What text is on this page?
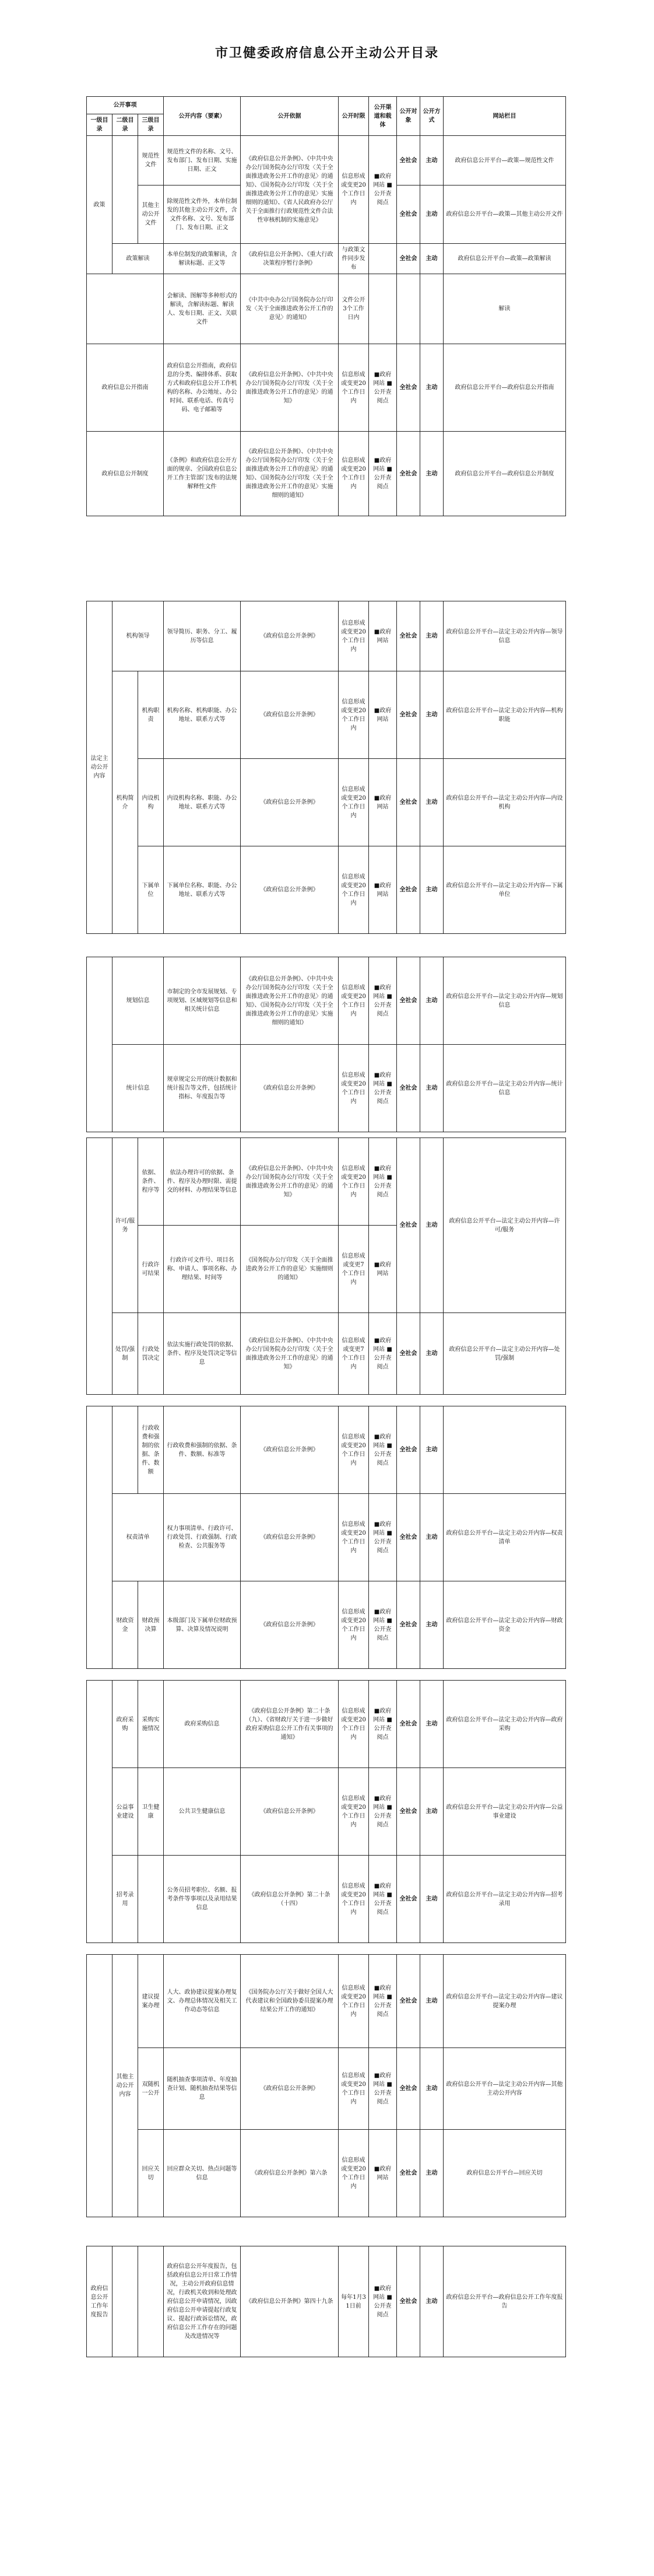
市卫健委政府信息公开主动公开目录
公开事项			公开内容（要素）	公开依据	公开时限	公开渠道和载体	公开对象	公开方式	网站栏目
一级目录	二级目录	三级目录							
政策		规范性文件	规范性文件的名称、文号、发布部门、发布日期、实施日期、正文	《政府信息公开条例》、《中共中央办公厅国务院办公厅印发〈关于全面推进政务公开工作的意见〉的通知》、《国务院办公厅印发〈关于全面推进政务公开工作的意见〉实施细则的通知》、《省人民政府办公厅关于全面推行行政规范性文件合法性审核机制的实施意见》	信息形成或变更20个工作日内	■政府网站 ■公开查阅点	全社会	主动	政府信息公开平台—政策—规范性文件
		其他主动公开文件	除规范性文件外，本单位制发的其他主动公开文件，含文件名称、文号、发布部门、发布日期、正文				全社会	主动	政府信息公开平台—政策—其他主动公开文件
	政策解读		本单位制发的政策解读，含解读标题、正文等	《政府信息公开条例》、《重大行政决策程序暂行条例》	与政策文件同步发布		全社会	主动	政府信息公开平台—政策—政策解读
			会解读、图解等多种形式的解读，含解读标题、解读人、发布日期、正文、关联文件	《中共中央办公厅国务院办公厅印发〈关于全面推进政务公开工作的意见〉的通知》	文件公开3个工作日内				解读
政府信息公开指南			政府信息公开指南，政府信息的分类、编排体系、获取方式和政府信息公开工作机构的名称、办公地址、办公时间、联系电话、传真号码、电子邮箱等	《政府信息公开条例》、《中共中央办公厅国务院办公厅印发〈关于全面推进政务公开工作的意见〉的通知》	信息形成或变更20个工作日内	■政府网站 ■公开查阅点	全社会	主动	政府信息公开平台—政府信息公开指南
政府信息公开制度			《条例》和政府信息公开方面的规章、全国政府信息公开工作主管部门发布的法规解释性文件	《政府信息公开条例》、《中共中央办公厅国务院办公厅印发〈关于全面推进政务公开工作的意见〉的通知》、《国务院办公厅印发〈关于全面推进政务公开工作的意见〉实施细则的通知》	信息形成或变更20个工作日内	■政府网站 ■公开查阅点	全社会	主动	政府信息公开平台—政府信息公开制度
法定主动公开内容	机构领导		领导简历、职务、分工、履历等信息	《政府信息公开条例》	信息形成或变更20个工作日内	■政府网站	全社会	主动	政府信息公开平台—法定主动公开内容—领导信息
	机构简介	机构职责	机构名称、机构职能、办公地址、联系方式等	《政府信息公开条例》	信息形成或变更20个工作日内	■政府网站	全社会	主动	政府信息公开平台—法定主动公开内容—机构职能
		内设机构	内设机构名称、职能、办公地址、联系方式等	《政府信息公开条例》	信息形成或变更20个工作日内	■政府网站	全社会	主动	政府信息公开平台—法定主动公开内容—内设机构
		下属单位	下属单位名称、职能、办公地址、联系方式等	《政府信息公开条例》	信息形成或变更20个工作日内	■政府网站	全社会	主动	政府信息公开平台—法定主动公开内容—下属单位
	规划信息	市制定的全市发展规划、专项规划、区域规划等信息和相关统计信息	《政府信息公开条例》、《中共中央办公厅国务院办公厅印发〈关于全面推进政务公开工作的意见〉的通知》、《国务院办公厅印发〈关于全面推进政务公开工作的意见〉实施细则的通知》	信息形成或变更20个工作日内	■政府网站 ■公开查阅点	全社会	主动	政府信息公开平台—法定主动公开内容—规划信息
	统计信息	规章规定公开的统计数据和统计报告等文件，包括统计指标、年度报告等	《政府信息公开条例》	信息形成或变更20个工作日内	■政府网站 ■公开查阅点	全社会	主动	政府信息公开平台—法定主动公开内容—统计信息
	许可/服务	依据、条件、程序等	依法办理许可的依据、条件、程序及办理时限、需提交的材料、办理结果等信息	《政府信息公开条例》、《中共中央办公厅国务院办公厅印发〈关于全面推进政务公开工作的意见〉的通知》	信息形成或变更20个工作日内	■政府网站 ■公开查阅点	全社会	主动	政府信息公开平台—法定主动公开内容—许可/服务
		行政许可结果	行政许可文件号、项目名称、申请人、事项名称、办理结果、时间等	《国务院办公厅印发〈关于全面推进政务公开工作的意见〉实施细则的通知》	信息形成或变更7个工作日内	■政府网站			
	处罚/强制	行政处罚决定	依法实施行政处罚的依据、条件、程序及处罚决定等信息	《政府信息公开条例》、《中共中央办公厅国务院办公厅印发〈关于全面推进政务公开工作的意见〉的通知》	信息形成或变更7个工作日内	■政府网站 ■公开查阅点	全社会	主动	政府信息公开平台—法定主动公开内容—处罚/强制
		行政收费和强制的依据、条件、数额	行政收费和强制的依据、条件、数额、标准等	《政府信息公开条例》	信息形成或变更20个工作日内	■政府网站 ■公开查阅点	全社会	主动	
	权责清单		权力事项清单、行政许可、行政处罚、行政强制、行政检查、公共服务等	《政府信息公开条例》	信息形成或变更20个工作日内	■政府网站 ■公开查阅点	全社会	主动	政府信息公开平台—法定主动公开内容—权责清单
	财政资金	财政预决算	本级部门及下属单位财政预算、决算及情况说明	《政府信息公开条例》	信息形成或变更20个工作日内	■政府网站 ■公开查阅点	全社会	主动	政府信息公开平台—法定主动公开内容—财政资金
	政府采购	采购实施情况	政府采购信息	《政府信息公开条例》第二十条（九）、《省财政厅关于进一步做好政府采购信息公开工作有关事项的通知》	信息形成或变更20个工作日内	■政府网站 ■公开查阅点	全社会	主动	政府信息公开平台—法定主动公开内容—政府采购
	公益事业建设	卫生健康	公共卫生健康信息	《政府信息公开条例》	信息形成或变更20个工作日内	■政府网站 ■公开查阅点	全社会	主动	政府信息公开平台—法定主动公开内容—公益事业建设
	招考录用		公务员招考职位、名额、报考条件等事项以及录用结果信息	《政府信息公开条例》第二十条（十四）	信息形成或变更20个工作日内	■政府网站 ■公开查阅点	全社会	主动	政府信息公开平台—法定主动公开内容—招考录用
	其他主动公开内容	建议提案办理	人大、政协建议提案办理复文、办理总体情况及相关工作动态等信息	《国务院办公厅关于做好全国人大代表建议和全国政协委员提案办理结果公开工作的通知》	信息形成或变更20个工作日内	■政府网站 ■公开查阅点	全社会	主动	政府信息公开平台—法定主动公开内容—建议提案办理
		双随机一公开	随机抽查事项清单、年度抽查计划、随机抽查结果等信息	《政府信息公开条例》	信息形成或变更20个工作日内	■政府网站 ■公开查阅点	全社会	主动	政府信息公开平台—法定主动公开内容—其他主动公开内容
		回应关切	回应群众关切、热点问题等信息	《政府信息公开条例》第六条	信息形成或变更20个工作日内	■政府网站	全社会	主动	政府信息公开平台—回应关切
政府信息公开工作年度报告			政府信息公开年度报告，包括政府信息公开日常工作情况，主动公开政府信息情况，行政机关收到和处理政府信息公开申请情况，因政府信息公开申请提起行政复议、提起行政诉讼情况，政府信息公开工作存在的问题及改进情况等	《政府信息公开条例》第四十九条	每年1月31日前	■政府网站 ■公开查阅点	全社会	主动	政府信息公开平台—政府信息公开工作年度报告
